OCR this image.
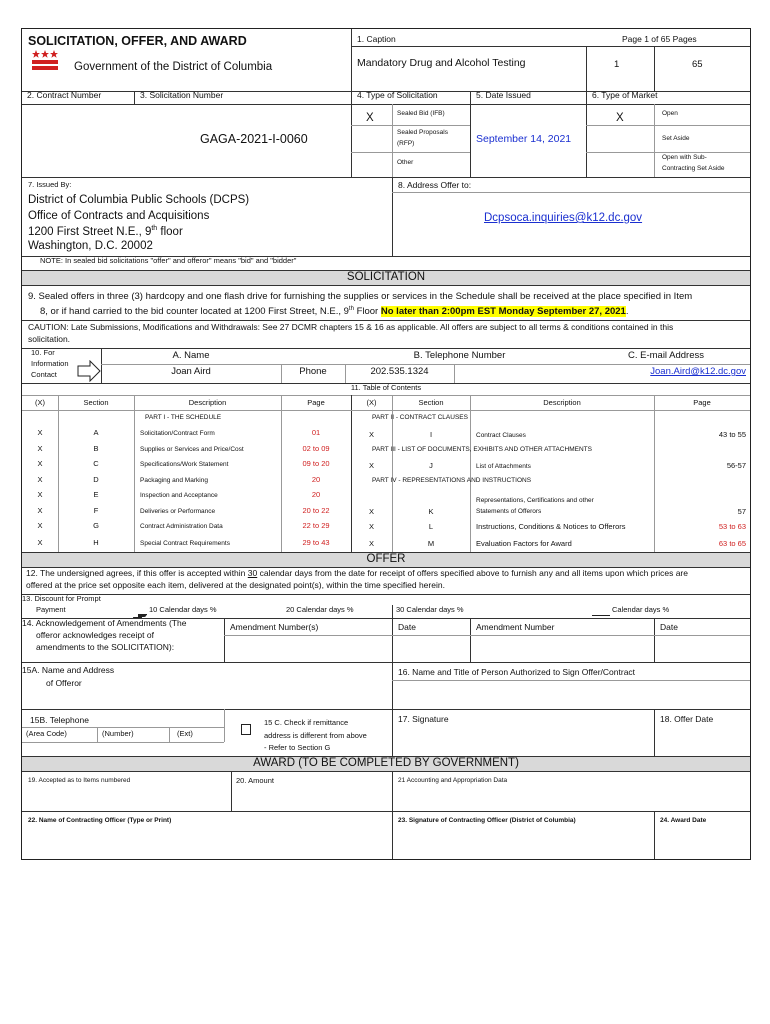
SOLICITATION, OFFER, AND AWARD
Government of the District of Columbia
1. Caption
Mandatory Drug and Alcohol Testing
Page 1 of 65 Pages
1	65
2. Contract Number	3. Solicitation Number
GAGA-2021-I-0060
4. Type of Solicitation	5. Date Issued	6. Type of Market
X	Sealed Bid (IFB)
Sealed Proposals
(RFP)
Other
September 14, 2021
X	Open
Set Aside
Open with Sub-
Contracting Set Aside
7. Issued By:
District of Columbia Public Schools (DCPS)
Office of Contracts and Acquisitions
1200 First Street N.E., 9th floor
Washington, D.C. 20002
8. Address Offer to:
Dcpsoca.inquiries@k12.dc.gov
NOTE: In sealed bid solicitations "offer" and offeror" means "bid" and "bidder"
SOLICITATION
9. Sealed offers in three (3) hardcopy and one flash drive for furnishing the supplies or services in the Schedule shall be received at the place specified in Item
8, or if hand carried to the bid counter located at 1200 First Street, N.E., 9th Floor No later than 2:00pm EST Monday September 27, 2021.
CAUTION: Late Submissions, Modifications and Withdrawals: See 27 DCMR chapters 15 & 16 as applicable. All offers are subject to all terms & conditions contained in this
solicitation.
10. For
Information
Contact
A. Name	B. Telephone Number	C. E-mail Address
Joan Aird	Phone	202.535.1324	Joan.Aird@k12.dc.gov
11. Table of Contents
(X)	Section	Description	Page	(X)	Section	Description	Page
PART I - THE SCHEDULE	PART II - CONTRACT CLAUSES
X	A	Solicitation/Contract Form	01
X	B	Supplies or Services and Price/Cost	02 to 09
X	C	Specifications/Work Statement	09 to 20
X	D	Packaging and Marking	20
X	E	Inspection and Acceptance	20
X	F	Deliveries or Performance	20 to 22
X	G	Contract Administration Data	22 to 29
X	H	Special Contract Requirements	29 to 43
X	I	Contract Clauses	43 to 55
PART III - LIST OF DOCUMENTS, EXHIBITS AND OTHER ATTACHMENTS
X	J	List of Attachments	56-57
PART IV - REPRESENTATIONS AND INSTRUCTIONS
Representations, Certifications and other
X	K	Statements of Offerors	57
X	L	Instructions, Conditions & Notices to Offerors	53 to 63
X	M	Evaluation Factors for Award	63 to 65
OFFER
12. The undersigned agrees, if this offer is accepted within 30 calendar days from the date for receipt of offers specified above to furnish any and all items upon which prices are
offered at the price set opposite each item, delivered at the designated point(s), within the time specified herein.
13. Discount for Prompt
Payment	10 Calendar days %	20 Calendar days %	30 Calendar days %	Calendar days %
14. Acknowledgement of Amendments (The
offeror acknowledges receipt of
amendments to the SOLICITATION):
Amendment Number(s)	Date	Amendment Number	Date
15A. Name and Address
of Offeror
16. Name and Title of Person Authorized to Sign Offer/Contract
15B. Telephone
(Area Code)	(Number)	(Ext)
15 C. Check if remittance
address is different from above
- Refer to Section G
17. Signature	18. Offer Date
AWARD (TO BE COMPLETED BY GOVERNMENT)
19. Accepted as to Items numbered	20. Amount	21 Accounting and Appropriation Data
22. Name of Contracting Officer (Type or Print)	23. Signature of Contracting Officer (District of Columbia)	24. Award Date
